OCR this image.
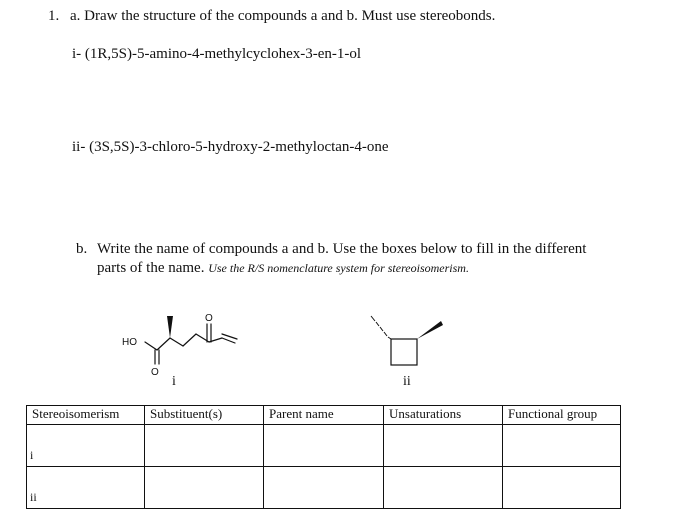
1. a. Draw the structure of the compounds a and b. Must use stereobonds.
i- (1R,5S)-5-amino-4-methylcyclohex-3-en-1-ol
ii- (3S,5S)-3-chloro-5-hydroxy-2-methyloctan-4-one
b. Write the name of compounds a and b. Use the boxes below to fill in the different
parts of the name. Use the R/S nomenclature system for stereoisomerism.
HO
O
O
i	ii
Stereoisomerism	Substituent(s)	Parent name	Unsaturations	Functional group
i				
ii				
